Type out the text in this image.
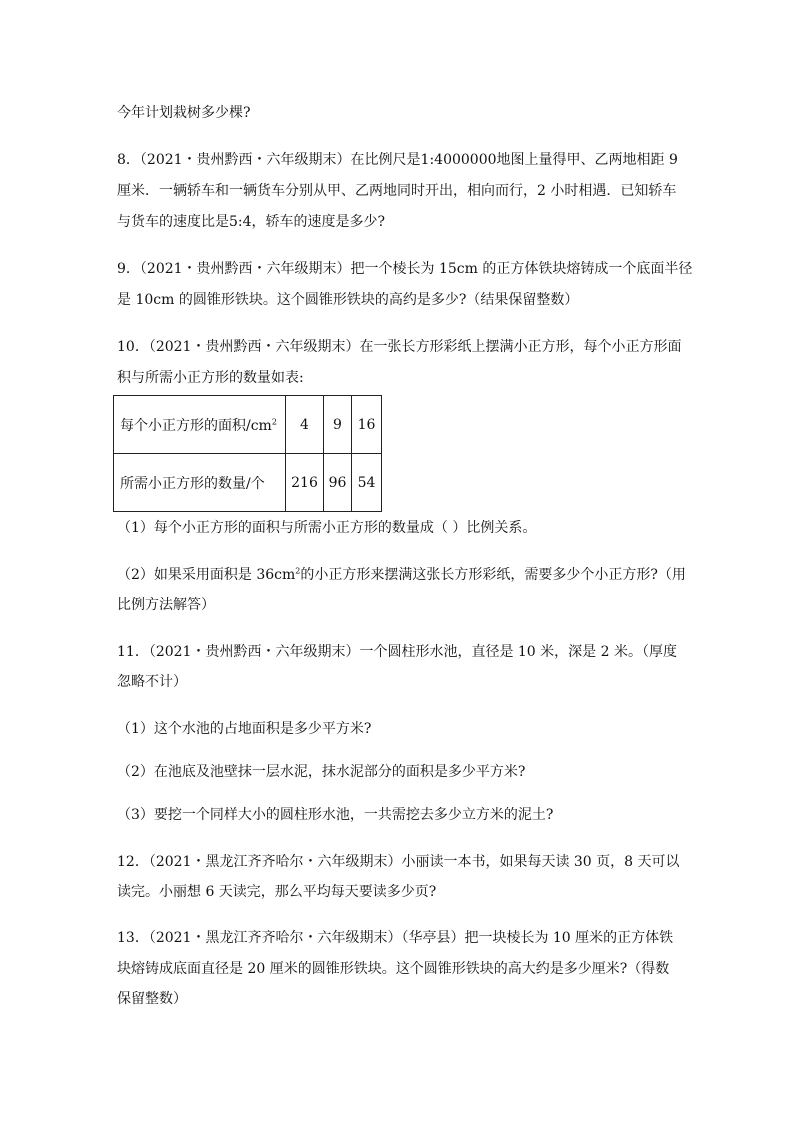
今年计划栽树多少棵?
8．（2021・贵州黔西・六年级期末）在比例尺是1:4000000地图上量得甲、乙两地相距 9
厘米．一辆轿车和一辆货车分别从甲、乙两地同时开出，相向而行，2 小时相遇．已知轿车
与货车的速度比是5:4，轿车的速度是多少?
9．（2021・贵州黔西・六年级期末）把一个棱长为 15cm 的正方体铁块熔铸成一个底面半径
是 10cm 的圆锥形铁块。这个圆锥形铁块的高约是多少?（结果保留整数）
10．（2021・贵州黔西・六年级期末）在一张长方形彩纸上摆满小正方形，每个小正方形面
积与所需小正方形的数量如表:
每个小正方形的面积$/cm^2$	4	9	16
所需小正方形的数量/个	216	96	54
（1）每个小正方形的面积与所需小正方形的数量成（ ）比例关系。
（2）如果采用面积是 $36cm^2$的小正方形来摆满这张长方形彩纸，需要多少个小正方形?（用
比例方法解答）
11．（2021・贵州黔西・六年级期末）一个圆柱形水池，直径是 10 米，深是 2 米。（厚度
忽略不计）
（1）这个水池的占地面积是多少平方米?
（2）在池底及池壁抹一层水泥，抹水泥部分的面积是多少平方米?
（3）要挖一个同样大小的圆柱形水池，一共需挖去多少立方米的泥土?
12．（2021・黑龙江齐齐哈尔・六年级期末）小丽读一本书，如果每天读 30 页，8 天可以
读完。小丽想 6 天读完，那么平均每天要读多少页?
13．（2021・黑龙江齐齐哈尔・六年级期末）（华亭县）把一块棱长为 10 厘米的正方体铁
块熔铸成底面直径是 20 厘米的圆锥形铁块。这个圆锥形铁块的高大约是多少厘米?（得数
保留整数）
